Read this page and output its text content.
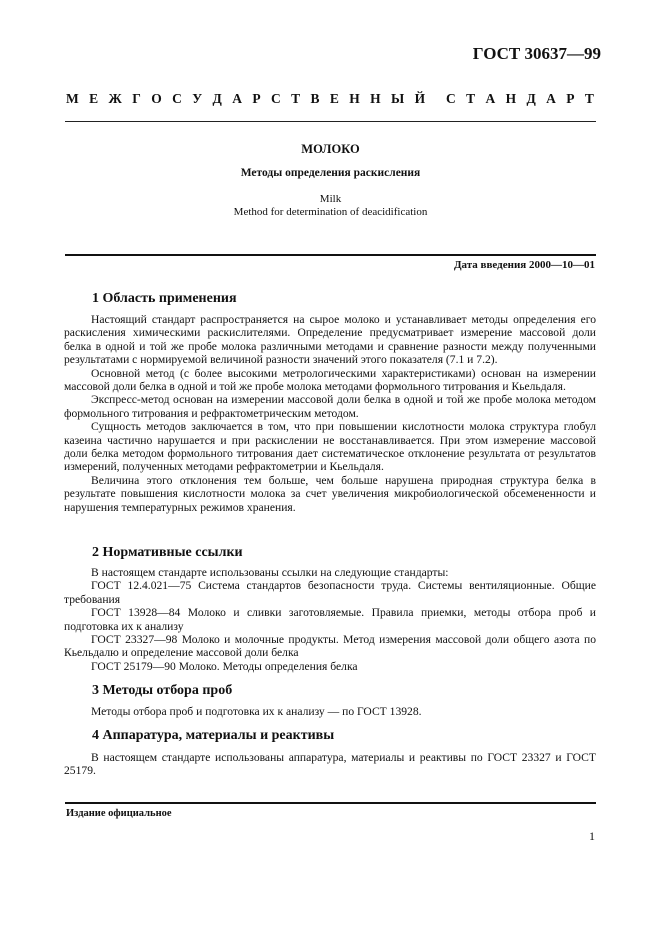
ГОСТ 30637—99
М Е Ж Г О С У Д А Р С Т В Е Н Н Ы Й С Т А Н Д А Р Т
МОЛОКО
Методы определения раскисления
Milk
Method for determination of deacidification
Дата введения 2000—10—01
1 Область применения

Настоящий стандарт распространяется на сырое молоко и устанавливает методы определения его раскисления химическими раскислителями. Определение предусматривает измерение массовой доли белка в одной и той же пробе молока различными методами и сравнение разности между полученными результатами с нормируемой величиной разности значений этого показателя (7.1 и 7.2).

Основной метод (с более высокими метрологическими характеристиками) основан на измерении массовой доли белка в одной и той же пробе молока методами формольного титрования и Кьельдаля.

Экспресс-метод основан на измерении массовой доли белка в одной и той же пробе молока методом формольного титрования и рефрактометрическим методом.

Сущность методов заключается в том, что при повышении кислотности молока структура глобул казеина частично нарушается и при раскислении не восстанавливается. При этом измерение массовой доли белка методом формольного титрования дает систематическое отклонение результата от результатов измерений, полученных методами рефрактометрии и Кьельдаля.

Величина этого отклонения тем больше, чем больше нарушена природная структура белка в результате повышения кислотности молока за счет увеличения микробиологической обсемененности и нарушения температурных режимов хранения.

2 Нормативные ссылки

В настоящем стандарте использованы ссылки на следующие стандарты:

ГОСТ 12.4.021—75 Система стандартов безопасности труда. Системы вентиляционные. Общие требования

ГОСТ 13928—84 Молоко и сливки заготовляемые. Правила приемки, методы отбора проб и подготовка их к анализу

ГОСТ 23327—98 Молоко и молочные продукты. Метод измерения массовой доли общего азота по Кьельдалю и определение массовой доли белка

ГОСТ 25179—90 Молоко. Методы определения белка

3 Методы отбора проб

Методы отбора проб и подготовка их к анализу — по ГОСТ 13928.

4 Аппаратура, материалы и реактивы

В настоящем стандарте использованы аппаратура, материалы и реактивы по ГОСТ 23327 и ГОСТ 25179.

Издание официальное
1
